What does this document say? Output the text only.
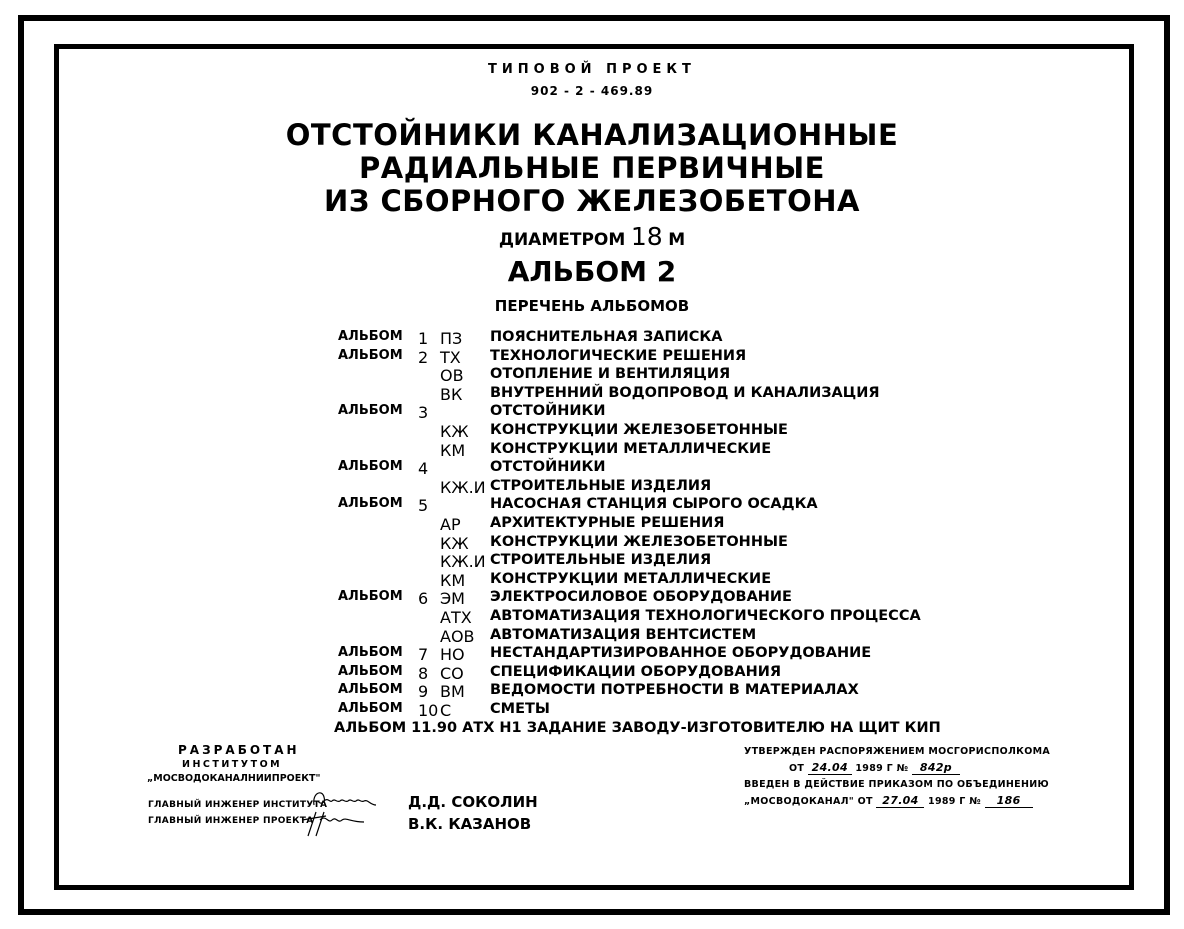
ТИПОВОЙ ПРОЕКТ
902 - 2 - 469.89
ОТСТОЙНИКИ КАНАЛИЗАЦИОННЫЕ
РАДИАЛЬНЫЕ ПЕРВИЧНЫЕ
ИЗ СБОРНОГО ЖЕЛЕЗОБЕТОНА
ДИАМЕТРОМ 18 М
АЛЬБОМ 2
ПЕРЕЧЕНЬ АЛЬБОМОВ
АЛЬБОМ 1 ПЗ ПОЯСНИТЕЛЬНАЯ ЗАПИСКА
АЛЬБОМ 2 ТХ ТЕХНОЛОГИЧЕСКИЕ РЕШЕНИЯ
ОВ ОТОПЛЕНИЕ И ВЕНТИЛЯЦИЯ
ВК ВНУТРЕННИЙ ВОДОПРОВОД И КАНАЛИЗАЦИЯ
АЛЬБОМ 3	ОТСТОЙНИКИ
КЖ КОНСТРУКЦИИ ЖЕЛЕЗОБЕТОННЫЕ
КМ КОНСТРУКЦИИ МЕТАЛЛИЧЕСКИЕ
АЛЬБОМ 4	ОТСТОЙНИКИ
КЖ.И СТРОИТЕЛЬНЫЕ ИЗДЕЛИЯ
АЛЬБОМ 5	НАСОСНАЯ СТАНЦИЯ СЫРОГО ОСАДКА
АР АРХИТЕКТУРНЫЕ РЕШЕНИЯ
КЖ КОНСТРУКЦИИ ЖЕЛЕЗОБЕТОННЫЕ
КЖ.И СТРОИТЕЛЬНЫЕ ИЗДЕЛИЯ
КМ КОНСТРУКЦИИ МЕТАЛЛИЧЕСКИЕ
АЛЬБОМ 6 ЭМ ЭЛЕКТРОСИЛОВОЕ ОБОРУДОВАНИЕ
АТХ АВТОМАТИЗАЦИЯ ТЕХНОЛОГИЧЕСКОГО ПРОЦЕССА
АОВ АВТОМАТИЗАЦИЯ ВЕНТСИСТЕМ
АЛЬБОМ 7 НО НЕСТАНДАРТИЗИРОВАННОЕ ОБОРУДОВАНИЕ
АЛЬБОМ 8 СО СПЕЦИФИКАЦИИ ОБОРУДОВАНИЯ
АЛЬБОМ 9 ВМ ВЕДОМОСТИ ПОТРЕБНОСТИ В МАТЕРИАЛАХ
АЛЬБОМ 10 С	СМЕТЫ
АЛЬБОМ 11.90 АТХ Н1 ЗАДАНИЕ ЗАВОДУ-ИЗГОТОВИТЕЛЮ НА ЩИТ КИП
РАЗРАБОТАН
ИНСТИТУТОМ
„МОСВОДОКАНАЛНИИПРОЕКТ"
ГЛАВНЫЙ ИНЖЕНЕР ИНСТИТУТА	Д.Д. СОКОЛИН
ГЛАВНЫЙ ИНЖЕНЕР ПРОЕКТА	В.К. КАЗАНОВ
УТВЕРЖДЕН РАСПОРЯЖЕНИЕМ МОСГОРИСПОЛКОМА
ОТ 24.04 1989 Г № 842р
ВВЕДЕН В ДЕЙСТВИЕ ПРИКАЗОМ ПО ОБЪЕДИНЕНИЮ
„МОСВОДОКАНАЛ" ОТ 27.04 1989 Г № 186
